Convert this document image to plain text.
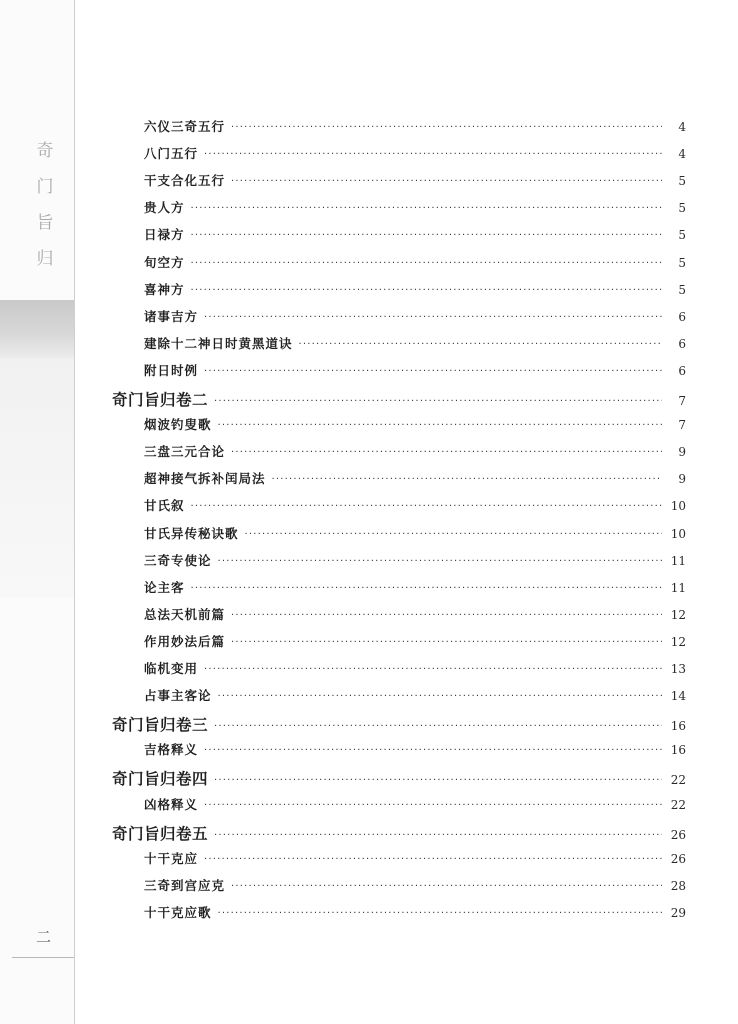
奇
门
旨
归
二
六仪三奇五行 ·····	4
八门五行 ·····	4
干支合化五行 ·····	5
贵人方 ·····	5
日禄方 ·····	5
旬空方 ·····	5
喜神方 ·····	5
诸事吉方 ·····	6
建除十二神日时黄黑道诀 ·····	6
附日时例 ·····	6
奇门旨归卷二 ·····	7
烟波钓叟歌 ·····	7
三盘三元合论 ·····	9
超神接气拆补闰局法 ·····	9
甘氏叙 ·····	10
甘氏异传秘诀歌 ·····	10
三奇专使论 ·····	11
论主客 ·····	11
总法天机前篇 ·····	12
作用妙法后篇 ·····	12
临机变用 ·····	13
占事主客论 ·····	14
奇门旨归卷三 ·····	16
吉格释义 ·····	16
奇门旨归卷四 ·····	22
凶格释义 ·····	22
奇门旨归卷五 ·····	26
十干克应 ·····	26
三奇到宫应克 ·····	28
十干克应歌 ·····	29
